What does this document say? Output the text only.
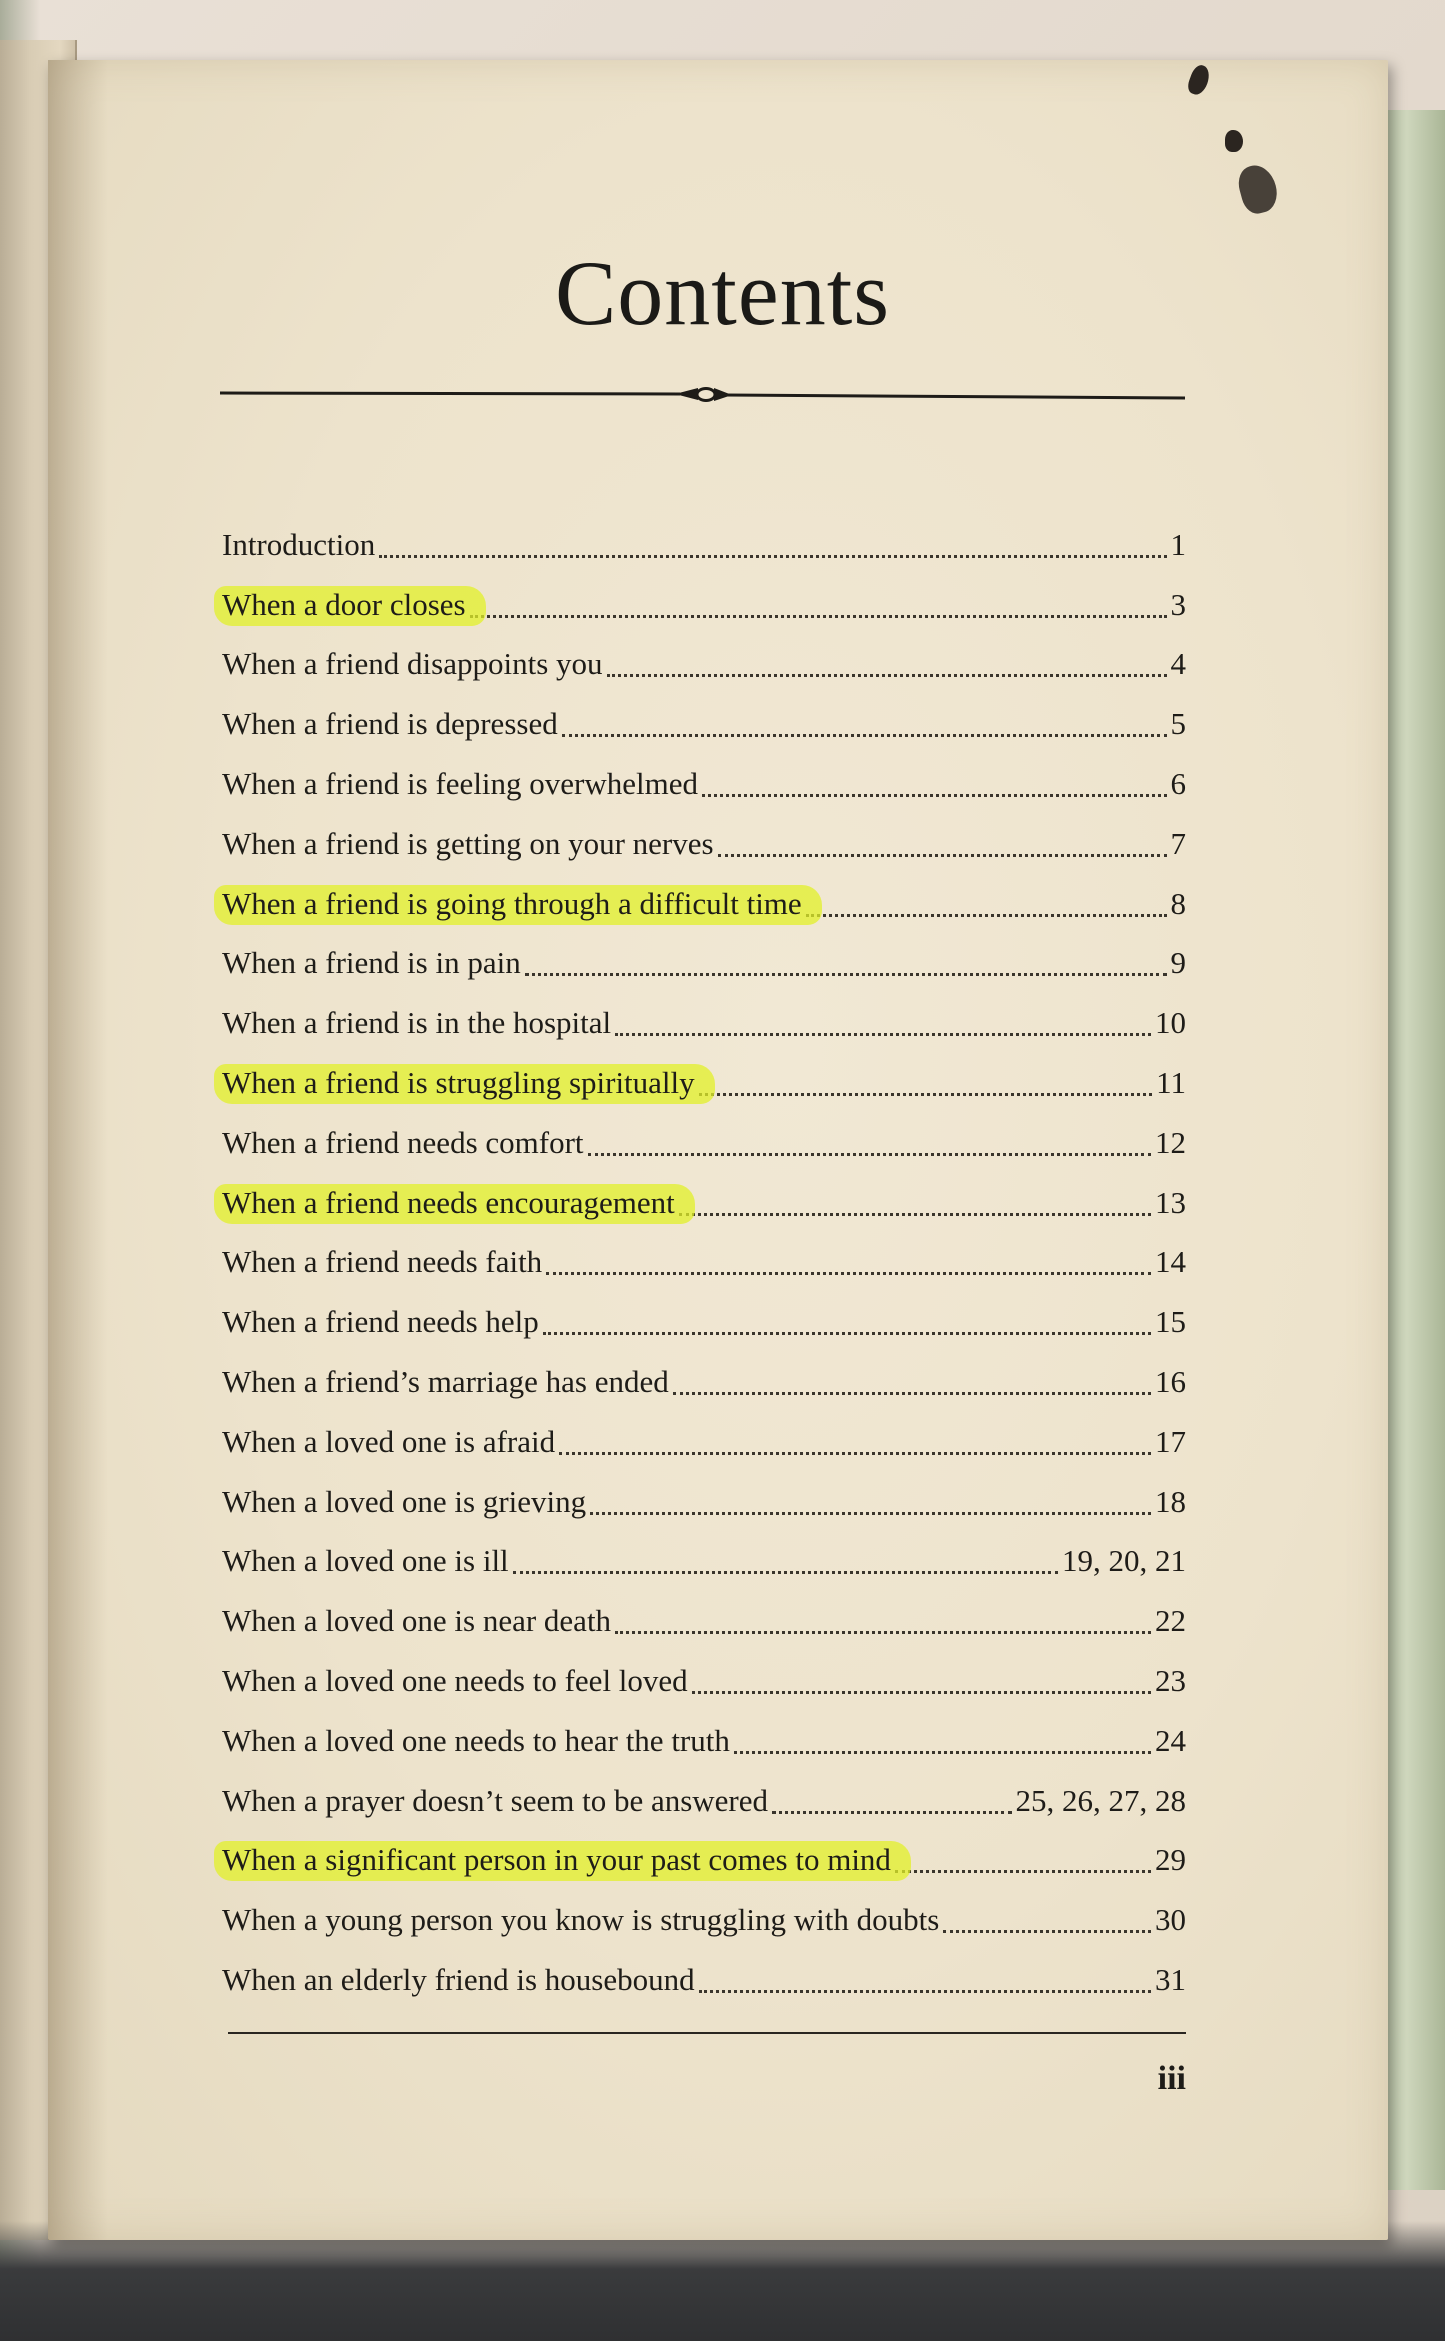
Contents
Introduction	1
When a door closes	3
When a friend disappoints you	4
When a friend is depressed	5
When a friend is feeling overwhelmed	6
When a friend is getting on your nerves	7
When a friend is going through a difficult time	8
When a friend is in pain	9
When a friend is in the hospital	10
When a friend is struggling spiritually	11
When a friend needs comfort	12
When a friend needs encouragement	13
When a friend needs faith	14
When a friend needs help	15
When a friend’s marriage has ended	16
When a loved one is afraid	17
When a loved one is grieving	18
When a loved one is ill	19, 20, 21
When a loved one is near death	22
When a loved one needs to feel loved	23
When a loved one needs to hear the truth	24
When a prayer doesn’t seem to be answered	25, 26, 27, 28
When a significant person in your past comes to mind	29
When a young person you know is struggling with doubts	30
When an elderly friend is housebound	31
iii
